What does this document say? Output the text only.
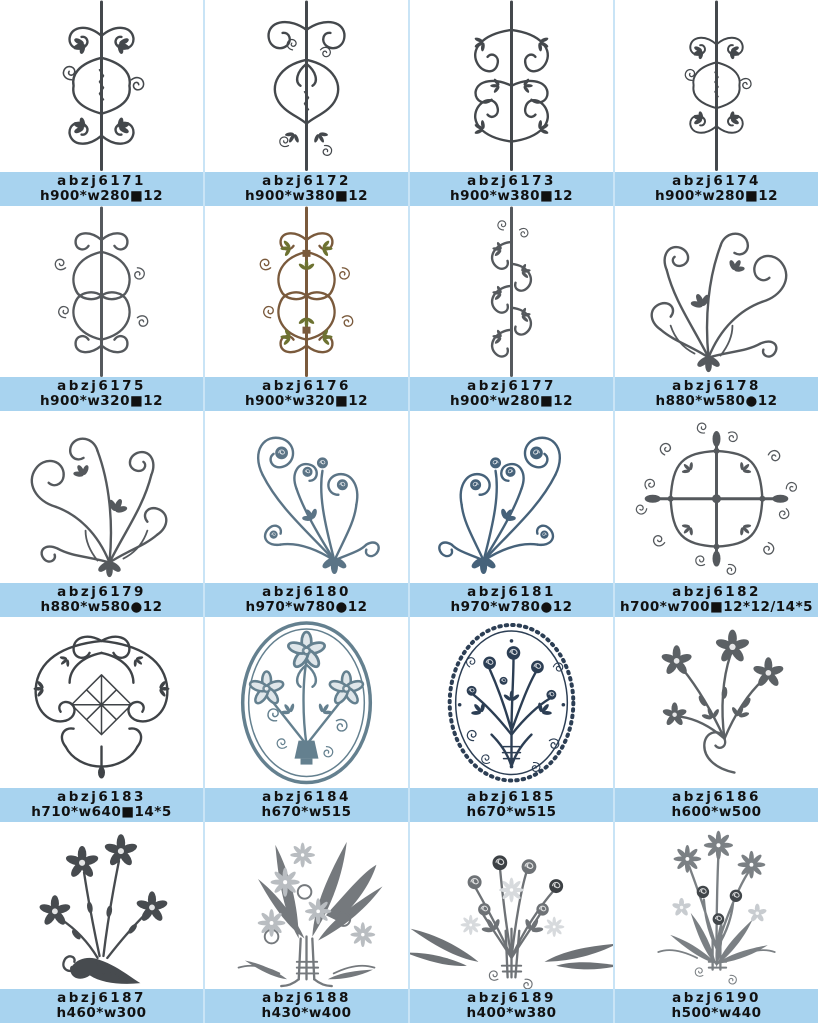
abzj6171
h900*w280■12
abzj6172
h900*w380■12
abzj6173
h900*w380■12
abzj6174
h900*w280■12
abzj6175
h900*w320■12
abzj6176
h900*w320■12
abzj6177
h900*w280■12
abzj6178
h880*w580●12
abzj6179
h880*w580●12
abzj6180
h970*w780●12
abzj6181
h970*w780●12
abzj6182
h700*w700■12*12/14*5
abzj6183
h710*w640■14*5
abzj6184
h670*w515
abzj6185
h670*w515
abzj6186
h600*w500
abzj6187
h460*w300
abzj6188
h430*w400
abzj6189
h400*w380
abzj6190
h500*w440
